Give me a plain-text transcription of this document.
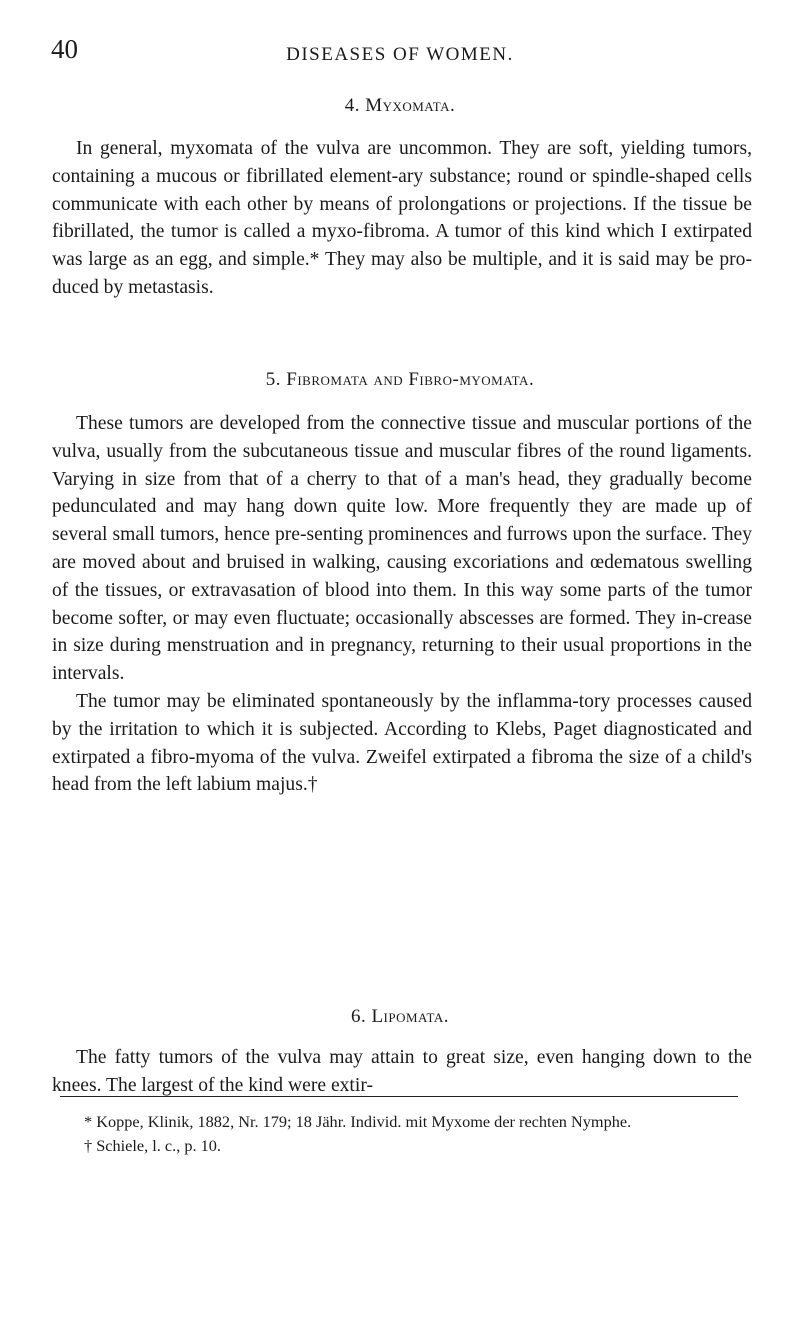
40	DISEASES OF WOMEN.
4. Myxomata.

In general, myxomata of the vulva are uncommon. They are soft, yielding tumors, containing a mucous or fibrillated element-ary substance; round or spindle-shaped cells communicate with each other by means of prolongations or projections. If the tissue be fibrillated, the tumor is called a myxo-fibroma. A tumor of this kind which I extirpated was large as an egg, and simple.* They may also be multiple, and it is said may be pro-duced by metastasis.

5. Fibromata and Fibro-myomata.

These tumors are developed from the connective tissue and muscular portions of the vulva, usually from the subcutaneous tissue and muscular fibres of the round ligaments. Varying in size from that of a cherry to that of a man's head, they gradually become pedunculated and may hang down quite low. More frequently they are made up of several small tumors, hence pre-senting prominences and furrows upon the surface. They are moved about and bruised in walking, causing excoriations and œdematous swelling of the tissues, or extravasation of blood into them. In this way some parts of the tumor become softer, or may even fluctuate; occasionally abscesses are formed. They in-crease in size during menstruation and in pregnancy, returning to their usual proportions in the intervals.

The tumor may be eliminated spontaneously by the inflamma-tory processes caused by the irritation to which it is subjected. According to Klebs, Paget diagnosticated and extirpated a fibro-myoma of the vulva. Zweifel extirpated a fibroma the size of a child's head from the left labium majus.†

6. Lipomata.

The fatty tumors of the vulva may attain to great size, even hanging down to the knees. The largest of the kind were extir-

* Koppe, Klinik, 1882, Nr. 179; 18 Jähr. Individ. mit Myxome der rechten Nymphe.

† Schiele, l. c., p. 10.
